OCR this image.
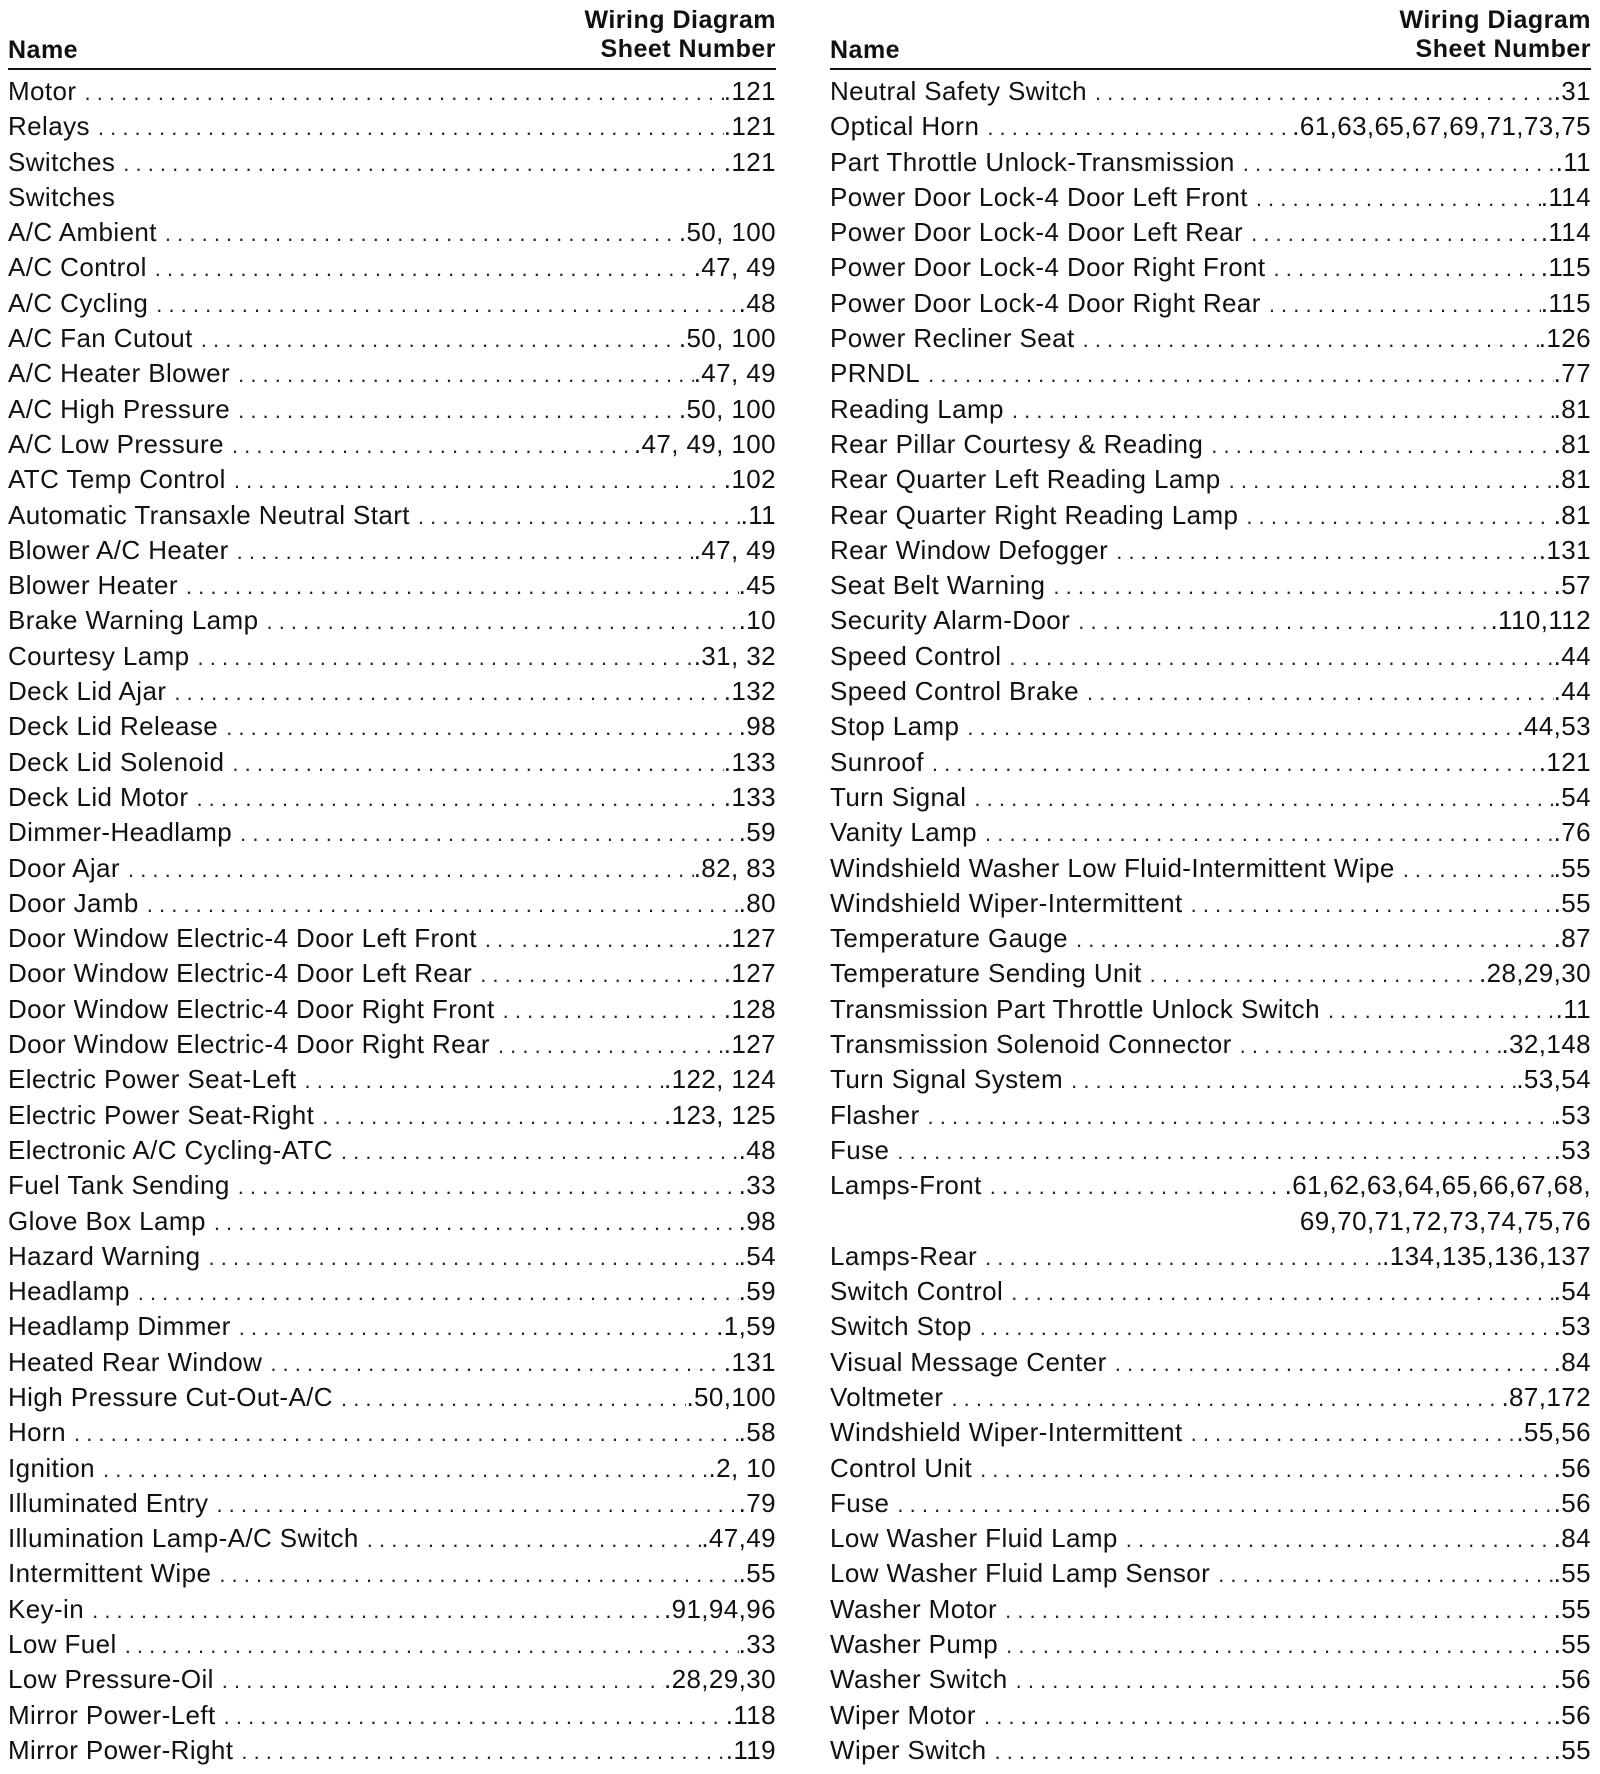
Name
Wiring Diagram
Sheet Number
Motor . . .	.121
Relays . . .	.121
Switches . . .	.121
Switches
A/C Ambient . . .	.50, 100
A/C Control . . .	.47, 49
A/C Cycling . . .	.48
A/C Fan Cutout . . .	.50, 100
A/C Heater Blower . . .	.47, 49
A/C High Pressure . . .	.50, 100
A/C Low Pressure . . .	.47, 49, 100
ATC Temp Control . . .	.102
Automatic Transaxle Neutral Start . . .	.11
Blower A/C Heater . . .	.47, 49
Blower Heater . . .	.45
Brake Warning Lamp . . .	.10
Courtesy Lamp . . .	.31, 32
Deck Lid Ajar . . .	.132
Deck Lid Release . . .	.98
Deck Lid Solenoid . . .	.133
Deck Lid Motor . . .	.133
Dimmer-Headlamp . . .	.59
Door Ajar . . .	.82, 83
Door Jamb . . .	.80
Door Window Electric-4 Door Left Front . . .	.127
Door Window Electric-4 Door Left Rear . . .	.127
Door Window Electric-4 Door Right Front . . .	.128
Door Window Electric-4 Door Right Rear . . .	.127
Electric Power Seat-Left . . .	.122, 124
Electric Power Seat-Right . . .	.123, 125
Electronic A/C Cycling-ATC . . .	.48
Fuel Tank Sending . . .	.33
Glove Box Lamp . . .	.98
Hazard Warning . . .	.54
Headlamp . . .	.59
Headlamp Dimmer . . .	.1,59
Heated Rear Window . . .	.131
High Pressure Cut-Out-A/C . . .	.50,100
Horn . . .	.58
Ignition . . .	.2, 10
Illuminated Entry . . .	.79
Illumination Lamp-A/C Switch . . .	.47,49
Intermittent Wipe . . .	.55
Key-in . . .	.91,94,96
Low Fuel . . .	.33
Low Pressure-Oil . . .	.28,29,30
Mirror Power-Left . . .	.118
Mirror Power-Right . . .	.119
Name
Wiring Diagram
Sheet Number
Neutral Safety Switch . . .	.31
Optical Horn . . .	.61,63,65,67,69,71,73,75
Part Throttle Unlock-Transmission . . .	.11
Power Door Lock-4 Door Left Front . . .	.114
Power Door Lock-4 Door Left Rear . . .	.114
Power Door Lock-4 Door Right Front . . .	.115
Power Door Lock-4 Door Right Rear . . .	.115
Power Recliner Seat . . .	.126
PRNDL . . .	.77
Reading Lamp . . .	.81
Rear Pillar Courtesy & Reading . . .	.81
Rear Quarter Left Reading Lamp . . .	.81
Rear Quarter Right Reading Lamp . . .	.81
Rear Window Defogger . . .	.131
Seat Belt Warning . . .	.57
Security Alarm-Door . . .	.110,112
Speed Control . . .	.44
Speed Control Brake . . .	.44
Stop Lamp . . .	.44,53
Sunroof . . .	.121
Turn Signal . . .	.54
Vanity Lamp . . .	.76
Windshield Washer Low Fluid-Intermittent Wipe . . .	.55
Windshield Wiper-Intermittent . . .	.55
Temperature Gauge . . .	.87
Temperature Sending Unit . . .	.28,29,30
Transmission Part Throttle Unlock Switch . . .	.11
Transmission Solenoid Connector . . .	.32,148
Turn Signal System . . .	.53,54
Flasher . . .	.53
Fuse . . .	.53
Lamps-Front . . .	.61,62,63,64,65,66,67,68,
69,70,71,72,73,74,75,76
Lamps-Rear . . .	.134,135,136,137
Switch Control . . .	.54
Switch Stop . . .	.53
Visual Message Center . . .	.84
Voltmeter . . .	.87,172
Windshield Wiper-Intermittent . . .	.55,56
Control Unit . . .	.56
Fuse . . .	.56
Low Washer Fluid Lamp . . .	.84
Low Washer Fluid Lamp Sensor . . .	.55
Washer Motor . . .	.55
Washer Pump . . .	.55
Washer Switch . . .	.56
Wiper Motor . . .	.56
Wiper Switch . . .	.55
